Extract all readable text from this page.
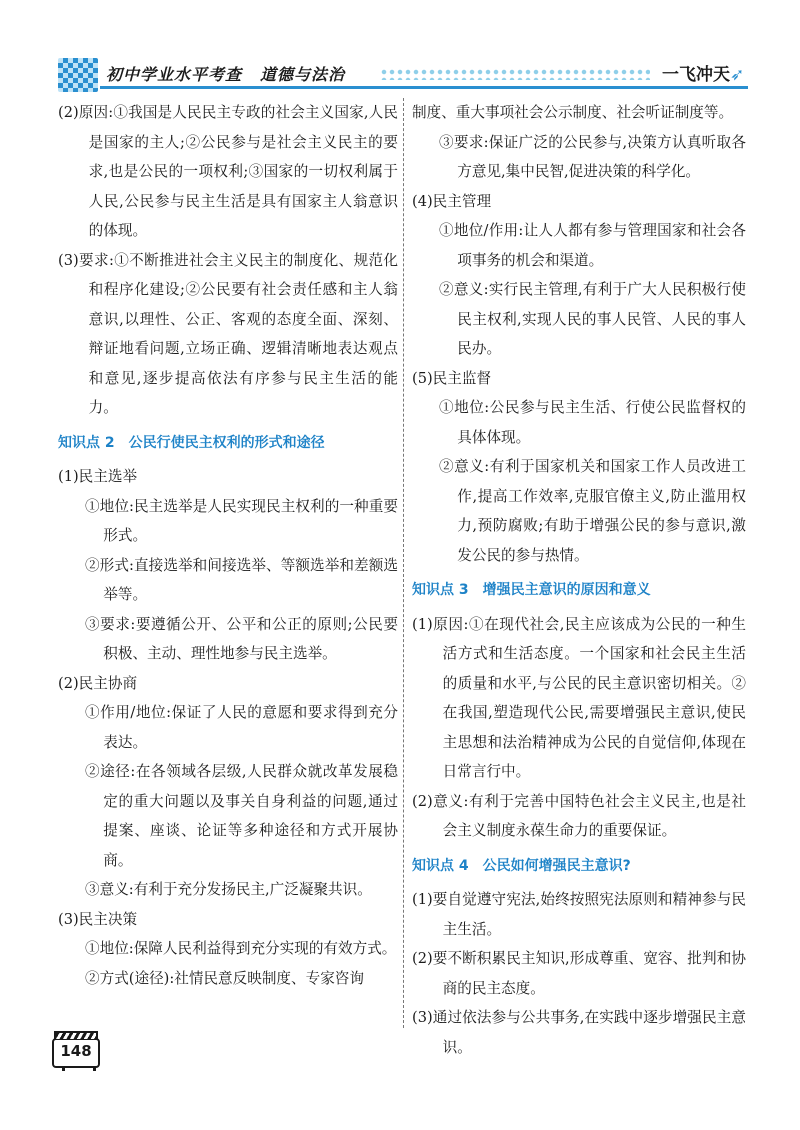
初中学业水平考查 道德与法治	一飞冲天➶

(2)原因:①我国是人民民主专政的社会主义国家,人民是国家的主人;②公民参与是社会主义民主的要求,也是公民的一项权利;③国家的一切权利属于人民,公民参与民主生活是具有国家主人翁意识的体现。

(3)要求:①不断推进社会主义民主的制度化、规范化和程序化建设;②公民要有社会责任感和主人翁意识,以理性、公正、客观的态度全面、深刻、辩证地看问题,立场正确、逻辑清晰地表达观点和意见,逐步提高依法有序参与民主生活的能力。

知识点 2　公民行使民主权利的形式和途径

(1)民主选举

①地位:民主选举是人民实现民主权利的一种重要形式。

②形式:直接选举和间接选举、等额选举和差额选举等。

③要求:要遵循公开、公平和公正的原则;公民要积极、主动、理性地参与民主选举。

(2)民主协商

①作用/地位:保证了人民的意愿和要求得到充分表达。

②途径:在各领域各层级,人民群众就改革发展稳定的重大问题以及事关自身利益的问题,通过提案、座谈、论证等多种途径和方式开展协商。

③意义:有利于充分发扬民主,广泛凝聚共识。

(3)民主决策

①地位:保障人民利益得到充分实现的有效方式。

②方式(途径):社情民意反映制度、专家咨询

制度、重大事项社会公示制度、社会听证制度等。

③要求:保证广泛的公民参与,决策方认真听取各方意见,集中民智,促进决策的科学化。

(4)民主管理

①地位/作用:让人人都有参与管理国家和社会各项事务的机会和渠道。

②意义:实行民主管理,有利于广大人民积极行使民主权利,实现人民的事人民管、人民的事人民办。

(5)民主监督

①地位:公民参与民主生活、行使公民监督权的具体体现。

②意义:有利于国家机关和国家工作人员改进工作,提高工作效率,克服官僚主义,防止滥用权力,预防腐败;有助于增强公民的参与意识,激发公民的参与热情。

知识点 3　增强民主意识的原因和意义

(1)原因:①在现代社会,民主应该成为公民的一种生活方式和生活态度。一个国家和社会民主生活的质量和水平,与公民的民主意识密切相关。②在我国,塑造现代公民,需要增强民主意识,使民主思想和法治精神成为公民的自觉信仰,体现在日常言行中。

(2)意义:有利于完善中国特色社会主义民主,也是社会主义制度永葆生命力的重要保证。

知识点 4　公民如何增强民主意识?

(1)要自觉遵守宪法,始终按照宪法原则和精神参与民主生活。

(2)要不断积累民主知识,形成尊重、宽容、批判和协商的民主态度。

(3)通过依法参与公共事务,在实践中逐步增强民主意识。

148
